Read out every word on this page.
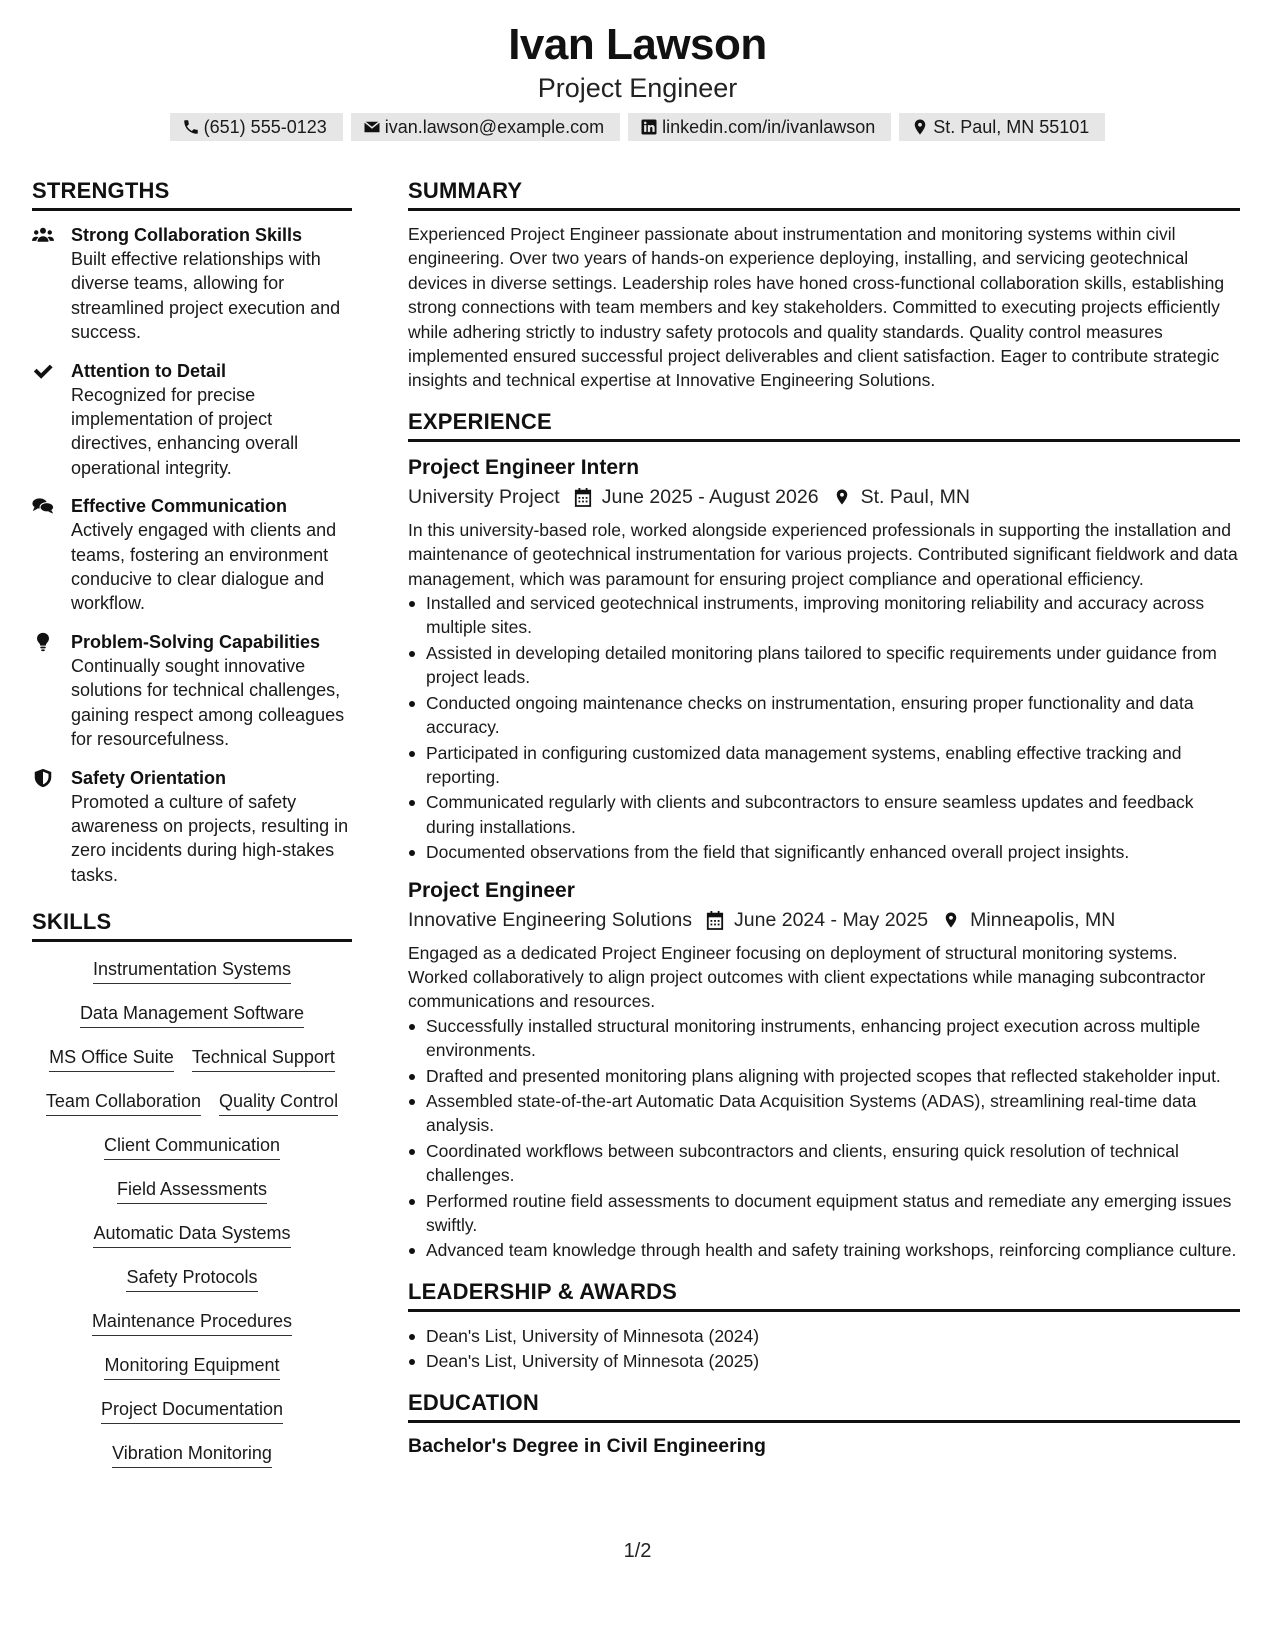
Ivan Lawson
Project Engineer
(651) 555-0123	ivan.lawson@example.com	linkedin.com/in/ivanlawson	St. Paul, MN 55101
STRENGTHS
Strong Collaboration Skills
Built effective relationships with diverse teams, allowing for streamlined project execution and success.
Attention to Detail
Recognized for precise implementation of project directives, enhancing overall operational integrity.
Effective Communication
Actively engaged with clients and teams, fostering an environment conducive to clear dialogue and workflow.
Problem-Solving Capabilities
Continually sought innovative solutions for technical challenges, gaining respect among colleagues for resourcefulness.
Safety Orientation
Promoted a culture of safety awareness on projects, resulting in zero incidents during high-stakes tasks.
SKILLS
Instrumentation Systems
Data Management Software
MS Office Suite Technical Support
Team Collaboration Quality Control
Client Communication
Field Assessments
Automatic Data Systems
Safety Protocols
Maintenance Procedures
Monitoring Equipment
Project Documentation
Vibration Monitoring
SUMMARY
Experienced Project Engineer passionate about instrumentation and monitoring systems within civil engineering. Over two years of hands-on experience deploying, installing, and servicing geotechnical devices in diverse settings. Leadership roles have honed cross-functional collaboration skills, establishing strong connections with team members and key stakeholders. Committed to executing projects efficiently while adhering strictly to industry safety protocols and quality standards. Quality control measures implemented ensured successful project deliverables and client satisfaction. Eager to contribute strategic insights and technical expertise at Innovative Engineering Solutions.
EXPERIENCE
Project Engineer Intern
University Project June 2025 - August 2026 St. Paul, MN
In this university-based role, worked alongside experienced professionals in supporting the installation and maintenance of geotechnical instrumentation for various projects. Contributed significant fieldwork and data management, which was paramount for ensuring project compliance and operational efficiency.
Installed and serviced geotechnical instruments, improving monitoring reliability and accuracy across multiple sites.
Assisted in developing detailed monitoring plans tailored to specific requirements under guidance from project leads.
Conducted ongoing maintenance checks on instrumentation, ensuring proper functionality and data accuracy.
Participated in configuring customized data management systems, enabling effective tracking and reporting.
Communicated regularly with clients and subcontractors to ensure seamless updates and feedback during installations.
Documented observations from the field that significantly enhanced overall project insights.
Project Engineer
Innovative Engineering Solutions June 2024 - May 2025 Minneapolis, MN
Engaged as a dedicated Project Engineer focusing on deployment of structural monitoring systems. Worked collaboratively to align project outcomes with client expectations while managing subcontractor communications and resources.
Successfully installed structural monitoring instruments, enhancing project execution across multiple environments.
Drafted and presented monitoring plans aligning with projected scopes that reflected stakeholder input.
Assembled state-of-the-art Automatic Data Acquisition Systems (ADAS), streamlining real-time data analysis.
Coordinated workflows between subcontractors and clients, ensuring quick resolution of technical challenges.
Performed routine field assessments to document equipment status and remediate any emerging issues swiftly.
Advanced team knowledge through health and safety training workshops, reinforcing compliance culture.
LEADERSHIP & AWARDS
Dean's List, University of Minnesota (2024)
Dean's List, University of Minnesota (2025)
EDUCATION
Bachelor's Degree in Civil Engineering
1/2
